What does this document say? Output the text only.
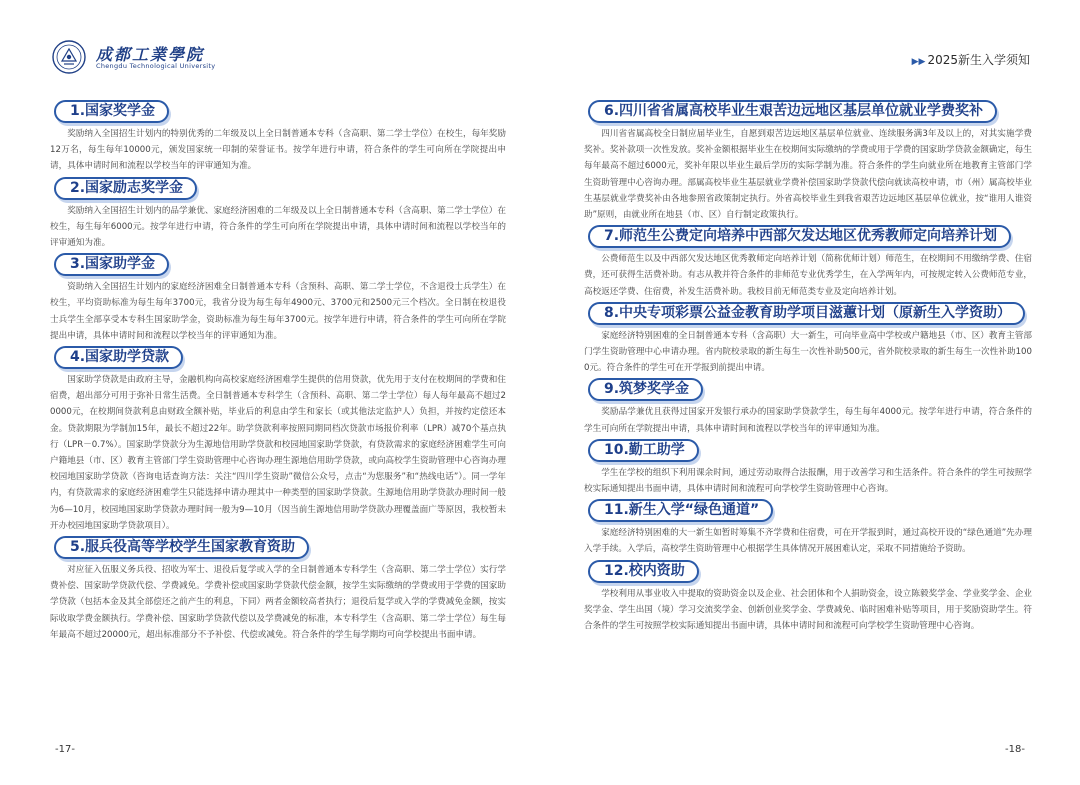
成都工業學院
Chengdu Technological University	▶▶ 2025新生入学须知
1.国家奖学金

奖励纳入全国招生计划内的特别优秀的二年级及以上全日制普通本专科（含高职、第二学士学位）在校生，每年奖励12万名，每生每年10000元，颁发国家统一印制的荣誉证书。按学年进行申请，符合条件的学生可向所在学院提出申请，具体申请时间和流程以学校当年的评审通知为准。

2.国家励志奖学金

奖励纳入全国招生计划内的品学兼优、家庭经济困难的二年级及以上全日制普通本专科（含高职、第二学士学位）在校生，每生每年6000元。按学年进行申请，符合条件的学生可向所在学院提出申请，具体申请时间和流程以学校当年的评审通知为准。

3.国家助学金

资助纳入全国招生计划内的家庭经济困难全日制普通本专科（含预科、高职、第二学士学位，不含退役士兵学生）在校生，平均资助标准为每生每年3700元，我省分设为每生每年4900元、3700元和2500元三个档次。全日制在校退役士兵学生全部享受本专科生国家助学金，资助标准为每生每年3700元。按学年进行申请，符合条件的学生可向所在学院提出申请，具体申请时间和流程以学校当年的评审通知为准。

4.国家助学贷款

国家助学贷款是由政府主导，金融机构向高校家庭经济困难学生提供的信用贷款，优先用于支付在校期间的学费和住宿费，超出部分可用于弥补日常生活费。全日制普通本专科学生（含预科、高职、第二学士学位）每人每年最高不超过20000元，在校期间贷款利息由财政全额补贴，毕业后的利息由学生和家长（或其他法定监护人）负担，并按约定偿还本金。贷款期限为学制加15年，最长不超过22年。助学贷款利率按照同期同档次贷款市场报价利率（LPR）减70个基点执行（LPR－0.7%）。国家助学贷款分为生源地信用助学贷款和校园地国家助学贷款，有贷款需求的家庭经济困难学生可向户籍地县（市、区）教育主管部门学生资助管理中心咨询办理生源地信用助学贷款，或向高校学生资助管理中心咨询办理校园地国家助学贷款（咨询电话查询方法：关注“四川学生资助”微信公众号，点击“为您服务”和“热线电话”）。同一学年内，有贷款需求的家庭经济困难学生只能选择申请办理其中一种类型的国家助学贷款。生源地信用助学贷款办理时间一般为6—10月，校园地国家助学贷款办理时间一般为9—10月（因当前生源地信用助学贷款办理覆盖面广等原因，我校暂未开办校园地国家助学贷款项目）。

5.服兵役高等学校学生国家教育资助

对应征入伍服义务兵役、招收为军士、退役后复学或入学的全日制普通本专科学生（含高职、第二学士学位）实行学费补偿、国家助学贷款代偿、学费减免。学费补偿或国家助学贷款代偿金额，按学生实际缴纳的学费或用于学费的国家助学贷款（包括本金及其全部偿还之前产生的利息，下同）两者金额较高者执行；退役后复学或入学的学费减免金额，按实际收取学费金额执行。学费补偿、国家助学贷款代偿以及学费减免的标准，本专科学生（含高职、第二学士学位）每生每年最高不超过20000元，超出标准部分不予补偿、代偿或减免。符合条件的学生每学期均可向学校提出书面申请。

6.四川省省属高校毕业生艰苦边远地区基层单位就业学费奖补

四川省省属高校全日制应届毕业生，自愿到艰苦边远地区基层单位就业、连续服务满3年及以上的，对其实施学费奖补。奖补款项一次性发放。奖补金额根据毕业生在校期间实际缴纳的学费或用于学费的国家助学贷款金额确定，每生每年最高不超过6000元，奖补年限以毕业生最后学历的实际学制为准。符合条件的学生向就业所在地教育主管部门学生资助管理中心咨询办理。部属高校毕业生基层就业学费补偿国家助学贷款代偿向就读高校申请，市（州）属高校毕业生基层就业学费奖补由各地参照省政策制定执行。外省高校毕业生到我省艰苦边远地区基层单位就业，按“谁用人谁资助”原则，由就业所在地县（市、区）自行制定政策执行。

7.师范生公费定向培养中西部欠发达地区优秀教师定向培养计划

公费师范生以及中西部欠发达地区优秀教师定向培养计划（简称优师计划）师范生，在校期间不用缴纳学费、住宿费，还可获得生活费补助。有志从教并符合条件的非师范专业优秀学生，在入学两年内，可按规定转入公费师范专业，高校返还学费、住宿费，补发生活费补助。我校目前无师范类专业及定向培养计划。

8.中央专项彩票公益金教育助学项目滋蕙计划（原新生入学资助）

家庭经济特别困难的全日制普通本专科（含高职）大一新生，可向毕业高中学校或户籍地县（市、区）教育主管部门学生资助管理中心申请办理。省内院校录取的新生每生一次性补助500元，省外院校录取的新生每生一次性补助1000元。符合条件的学生可在开学报到前提出申请。

9.筑梦奖学金

奖励品学兼优且获得过国家开发银行承办的国家助学贷款学生，每生每年4000元。按学年进行申请，符合条件的学生可向所在学院提出申请，具体申请时间和流程以学校当年的评审通知为准。

10.勤工助学

学生在学校的组织下利用课余时间，通过劳动取得合法报酬，用于改善学习和生活条件。符合条件的学生可按照学校实际通知提出书面申请，具体申请时间和流程可向学校学生资助管理中心咨询。

11.新生入学“绿色通道”

家庭经济特别困难的大一新生如暂时筹集不齐学费和住宿费，可在开学报到时，通过高校开设的“绿色通道”先办理入学手续。入学后，高校学生资助管理中心根据学生具体情况开展困难认定，采取不同措施给予资助。

12.校内资助

学校利用从事业收入中提取的资助资金以及企业、社会团体和个人捐助资金，设立陈毅奖学金、学业奖学金、企业奖学金、学生出国（境）学习交流奖学金、创新创业奖学金、学费减免、临时困难补贴等项目，用于奖励资助学生。符合条件的学生可按照学校实际通知提出书面申请，具体申请时间和流程可向学校学生资助管理中心咨询。

-17-	-18-
